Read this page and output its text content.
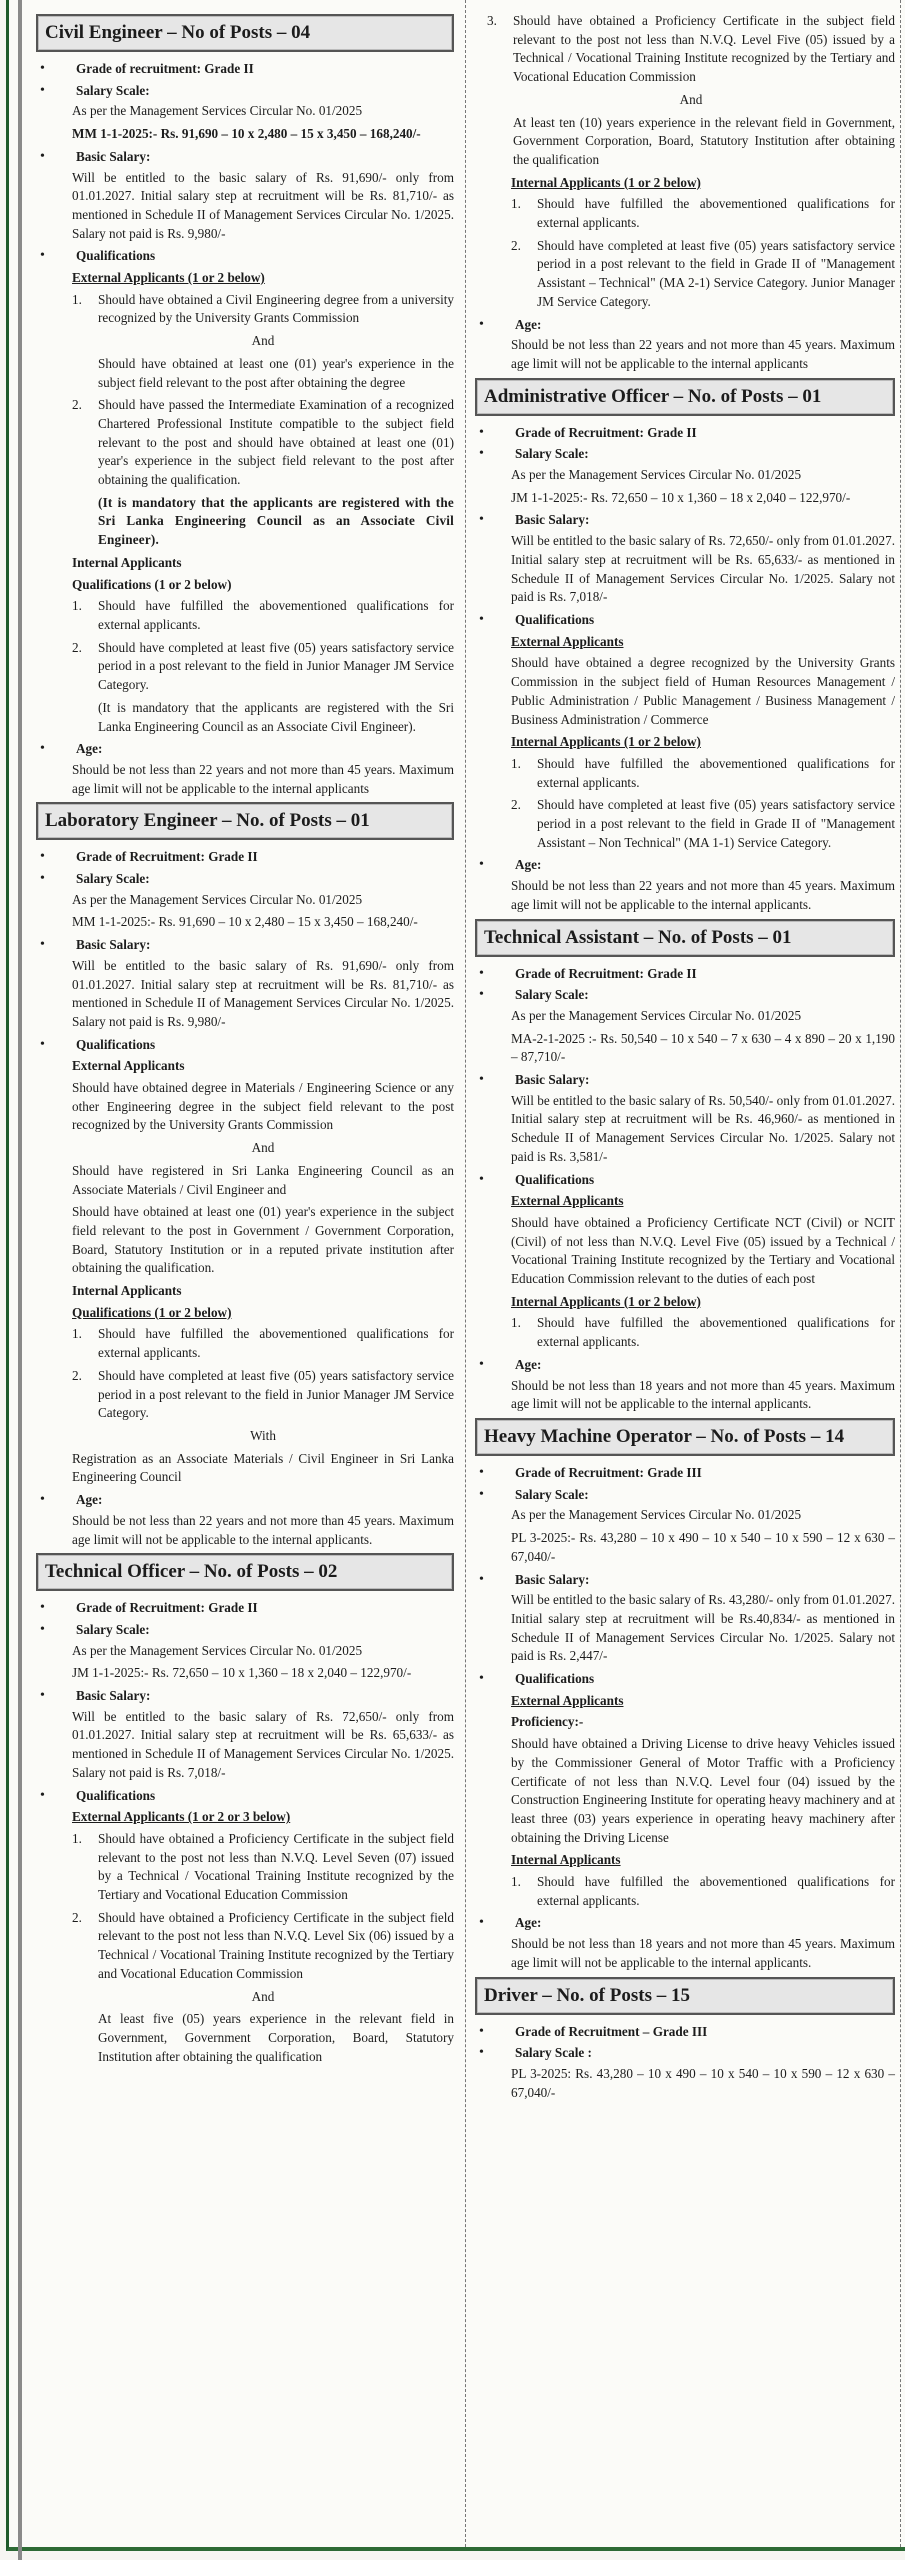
Civil Engineer – No of Posts – 04
•	Grade of recruitment: Grade II
•	Salary Scale:
As per the Management Services Circular No. 01/2025
MM 1-1-2025:- Rs. 91,690 – 10 x 2,480 – 15 x 3,450 – 168,240/-
•	Basic Salary:
Will be entitled to the basic salary of Rs. 91,690/- only from 01.01.2027. Initial salary step at recruitment will be Rs. 81,710/- as mentioned in Schedule II of Management Services Circular No. 1/2025. Salary not paid is Rs. 9,980/-
•	Qualifications
External Applicants (1 or 2 below)
1.	Should have obtained a Civil Engineering degree from a university recognized by the University Grants Commission
And
Should have obtained at least one (01) year's experience in the subject field relevant to the post after obtaining the degree
2.	Should have passed the Intermediate Examination of a recognized Chartered Professional Institute compatible to the subject field relevant to the post and should have obtained at least one (01) year's experience in the subject field relevant to the post after obtaining the qualification.
(It is mandatory that the applicants are registered with the Sri Lanka Engineering Council as an Associate Civil Engineer).
Internal Applicants
Qualifications (1 or 2 below)
1.	Should have fulfilled the abovementioned qualifications for external applicants.
2.	Should have completed at least five (05) years satisfactory service period in a post relevant to the field in Junior Manager JM Service Category.
(It is mandatory that the applicants are registered with the Sri Lanka Engineering Council as an Associate Civil Engineer).
•	Age:
Should be not less than 22 years and not more than 45 years. Maximum age limit will not be applicable to the internal applicants
Laboratory Engineer – No. of Posts – 01
•	Grade of Recruitment: Grade II
•	Salary Scale:
As per the Management Services Circular No. 01/2025
MM 1-1-2025:- Rs. 91,690 – 10 x 2,480 – 15 x 3,450 – 168,240/-
•	Basic Salary:
Will be entitled to the basic salary of Rs. 91,690/- only from 01.01.2027. Initial salary step at recruitment will be Rs. 81,710/- as mentioned in Schedule II of Management Services Circular No. 1/2025. Salary not paid is Rs. 9,980/-
•	Qualifications
External Applicants
Should have obtained degree in Materials / Engineering Science or any other Engineering degree in the subject field relevant to the post recognized by the University Grants Commission
And
Should have registered in Sri Lanka Engineering Council as an Associate Materials / Civil Engineer and
Should have obtained at least one (01) year's experience in the subject field relevant to the post in Government / Government Corporation, Board, Statutory Institution or in a reputed private institution after obtaining the qualification.
Internal Applicants
Qualifications (1 or 2 below)
1.	Should have fulfilled the abovementioned qualifications for external applicants.
2.	Should have completed at least five (05) years satisfactory service period in a post relevant to the field in Junior Manager JM Service Category.
With
Registration as an Associate Materials / Civil Engineer in Sri Lanka Engineering Council
•	Age:
Should be not less than 22 years and not more than 45 years. Maximum age limit will not be applicable to the internal applicants.
Technical Officer – No. of Posts – 02
•	Grade of Recruitment: Grade II
•	Salary Scale:
As per the Management Services Circular No. 01/2025
JM 1-1-2025:- Rs. 72,650 – 10 x 1,360 – 18 x 2,040 – 122,970/-
•	Basic Salary:
Will be entitled to the basic salary of Rs. 72,650/- only from 01.01.2027. Initial salary step at recruitment will be Rs. 65,633/- as mentioned in Schedule II of Management Services Circular No. 1/2025. Salary not paid is Rs. 7,018/-
•	Qualifications
External Applicants (1 or 2 or 3 below)
1.	Should have obtained a Proficiency Certificate in the subject field relevant to the post not less than N.V.Q. Level Seven (07) issued by a Technical / Vocational Training Institute recognized by the Tertiary and Vocational Education Commission
2.	Should have obtained a Proficiency Certificate in the subject field relevant to the post not less than N.V.Q. Level Six (06) issued by a Technical / Vocational Training Institute recognized by the Tertiary and Vocational Education Commission
And
At least five (05) years experience in the relevant field in Government, Government Corporation, Board, Statutory Institution after obtaining the qualification
3.	Should have obtained a Proficiency Certificate in the subject field relevant to the post not less than N.V.Q. Level Five (05) issued by a Technical / Vocational Training Institute recognized by the Tertiary and Vocational Education Commission
And
At least ten (10) years experience in the relevant field in Government, Government Corporation, Board, Statutory Institution after obtaining the qualification
Internal Applicants (1 or 2 below)
1.	Should have fulfilled the abovementioned qualifications for external applicants.
2.	Should have completed at least five (05) years satisfactory service period in a post relevant to the field in Grade II of "Management Assistant – Technical" (MA 2-1) Service Category. Junior Manager JM Service Category.
•	Age:
Should be not less than 22 years and not more than 45 years. Maximum age limit will not be applicable to the internal applicants
Administrative Officer – No. of Posts – 01
•	Grade of Recruitment: Grade II
•	Salary Scale:
As per the Management Services Circular No. 01/2025
JM 1-1-2025:- Rs. 72,650 – 10 x 1,360 – 18 x 2,040 – 122,970/-
•	Basic Salary:
Will be entitled to the basic salary of Rs. 72,650/- only from 01.01.2027. Initial salary step at recruitment will be Rs. 65,633/- as mentioned in Schedule II of Management Services Circular No. 1/2025. Salary not paid is Rs. 7,018/-
•	Qualifications
External Applicants
Should have obtained a degree recognized by the University Grants Commission in the subject field of Human Resources Management / Public Administration / Public Management / Business Management / Business Administration / Commerce
Internal Applicants (1 or 2 below)
1.	Should have fulfilled the abovementioned qualifications for external applicants.
2.	Should have completed at least five (05) years satisfactory service period in a post relevant to the field in Grade II of "Management Assistant – Non Technical" (MA 1-1) Service Category.
•	Age:
Should be not less than 22 years and not more than 45 years. Maximum age limit will not be applicable to the internal applicants.
Technical Assistant – No. of Posts – 01
•	Grade of Recruitment: Grade II
•	Salary Scale:
As per the Management Services Circular No. 01/2025
MA-2-1-2025 :- Rs. 50,540 – 10 x 540 – 7 x 630 – 4 x 890 – 20 x 1,190 – 87,710/-
•	Basic Salary:
Will be entitled to the basic salary of Rs. 50,540/- only from 01.01.2027. Initial salary step at recruitment will be Rs. 46,960/- as mentioned in Schedule II of Management Services Circular No. 1/2025. Salary not paid is Rs. 3,581/-
•	Qualifications
External Applicants
Should have obtained a Proficiency Certificate NCT (Civil) or NCIT (Civil) of not less than N.V.Q. Level Five (05) issued by a Technical / Vocational Training Institute recognized by the Tertiary and Vocational Education Commission relevant to the duties of each post
Internal Applicants (1 or 2 below)
1.	Should have fulfilled the abovementioned qualifications for external applicants.
•	Age:
Should be not less than 18 years and not more than 45 years. Maximum age limit will not be applicable to the internal applicants.
Heavy Machine Operator – No. of Posts – 14
•	Grade of Recruitment: Grade III
•	Salary Scale:
As per the Management Services Circular No. 01/2025
PL 3-2025:- Rs. 43,280 – 10 x 490 – 10 x 540 – 10 x 590 – 12 x 630 – 67,040/-
•	Basic Salary:
Will be entitled to the basic salary of Rs. 43,280/- only from 01.01.2027. Initial salary step at recruitment will be Rs.40,834/- as mentioned in Schedule II of Management Services Circular No. 1/2025. Salary not paid is Rs. 2,447/-
•	Qualifications
External Applicants
Proficiency:-
Should have obtained a Driving License to drive heavy Vehicles issued by the Commissioner General of Motor Traffic with a Proficiency Certificate of not less than N.V.Q. Level four (04) issued by the Construction Engineering Institute for operating heavy machinery and at least three (03) years experience in operating heavy machinery after obtaining the Driving License
Internal Applicants
1.	Should have fulfilled the abovementioned qualifications for external applicants.
•	Age:
Should be not less than 18 years and not more than 45 years. Maximum age limit will not be applicable to the internal applicants.
Driver – No. of Posts – 15
•	Grade of Recruitment – Grade III
•	Salary Scale :
PL 3-2025: Rs. 43,280 – 10 x 490 – 10 x 540 – 10 x 590 – 12 x 630 – 67,040/-
